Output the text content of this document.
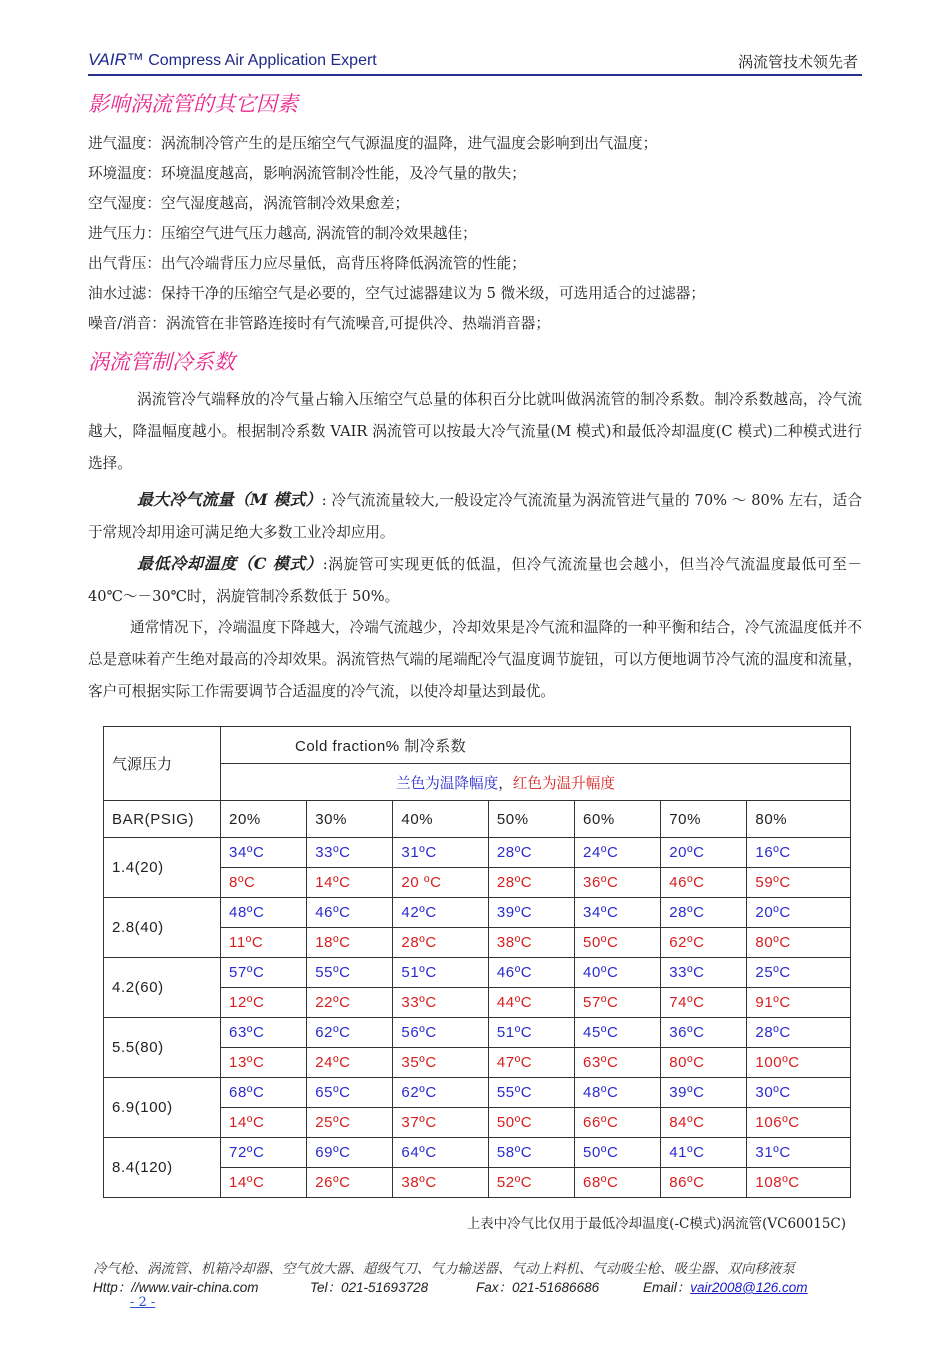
VAIR™ Compress Air Application Expert	涡流管技术领先者
影响涡流管的其它因素
进气温度：涡流制冷管产生的是压缩空气气源温度的温降，进气温度会影响到出气温度；
环境温度：环境温度越高，影响涡流管制冷性能，及冷气量的散失；
空气湿度：空气湿度越高，涡流管制冷效果愈差；
进气压力：压缩空气进气压力越高, 涡流管的制冷效果越佳；
出气背压：出气冷端背压力应尽量低，高背压将降低涡流管的性能；
油水过滤：保持干净的压缩空气是必要的，空气过滤器建议为 5 微米级，可选用适合的过滤器；
噪音/消音：涡流管在非管路连接时有气流噪音,可提供冷、热端消音器；
涡流管制冷系数
涡流管冷气端释放的冷气量占输入压缩空气总量的体积百分比就叫做涡流管的制冷系数。制冷系数越高，冷气流越大，降温幅度越小。根据制冷系数 VAIR 涡流管可以按最大冷气流量(M 模式)和最低冷却温度(C 模式)二种模式进行选择。
最大冷气流量（M 模式）: 冷气流流量较大,一般设定冷气流流量为涡流管进气量的 70% ～ 80% 左右，适合于常规冷却用途可满足绝大多数工业冷却应用。
最低冷却温度（C 模式）:涡旋管可实现更低的低温，但冷气流流量也会越小，但当冷气流温度最低可至－40℃～－30℃时，涡旋管制冷系数低于 50%。
通常情况下，冷端温度下降越大，冷端气流越少，冷却效果是冷气流和温降的一种平衡和结合，冷气流温度低并不总是意味着产生绝对最高的冷却效果。涡流管热气端的尾端配冷气温度调节旋钮，可以方便地调节冷气流的温度和流量，客户可根据实际工作需要调节合适温度的冷气流，以使冷却量达到最优。
气源压力	Cold fraction% 制冷系数						
	兰色为温降幅度，红色为温升幅度						
BAR(PSIG)	20%	30%	40%	50%	60%	70%	80%
1.4(20)	34ºC	33ºC	31ºC	28ºC	24ºC	20ºC	16ºC
	8ºC	14ºC	20 ºC	28ºC	36ºC	46ºC	59ºC
2.8(40)	48ºC	46ºC	42ºC	39ºC	34ºC	28ºC	20ºC
	11ºC	18ºC	28ºC	38ºC	50ºC	62ºC	80ºC
4.2(60)	57ºC	55ºC	51ºC	46ºC	40ºC	33ºC	25ºC
	12ºC	22ºC	33ºC	44ºC	57ºC	74ºC	91ºC
5.5(80)	63ºC	62ºC	56ºC	51ºC	45ºC	36ºC	28ºC
	13ºC	24ºC	35ºC	47ºC	63ºC	80ºC	100ºC
6.9(100)	68ºC	65ºC	62ºC	55ºC	48ºC	39ºC	30ºC
	14ºC	25ºC	37ºC	50ºC	66ºC	84ºC	106ºC
8.4(120)	72ºC	69ºC	64ºC	58ºC	50ºC	41ºC	31ºC
	14ºC	26ºC	38ºC	52ºC	68ºC	86ºC	108ºC
上表中冷气比仅用于最低冷却温度(-C模式)涡流管(VC60015C)
冷气枪、涡流管、机箱冷却器、空气放大器、超级气刀、气力输送器、气动上料机、气动吸尘枪、吸尘器、双向移液泵
Http：//www.vair-china.com	Tel：021-51693728	Fax：021-51686686	Email：vair2008@126.com
- 2 -
